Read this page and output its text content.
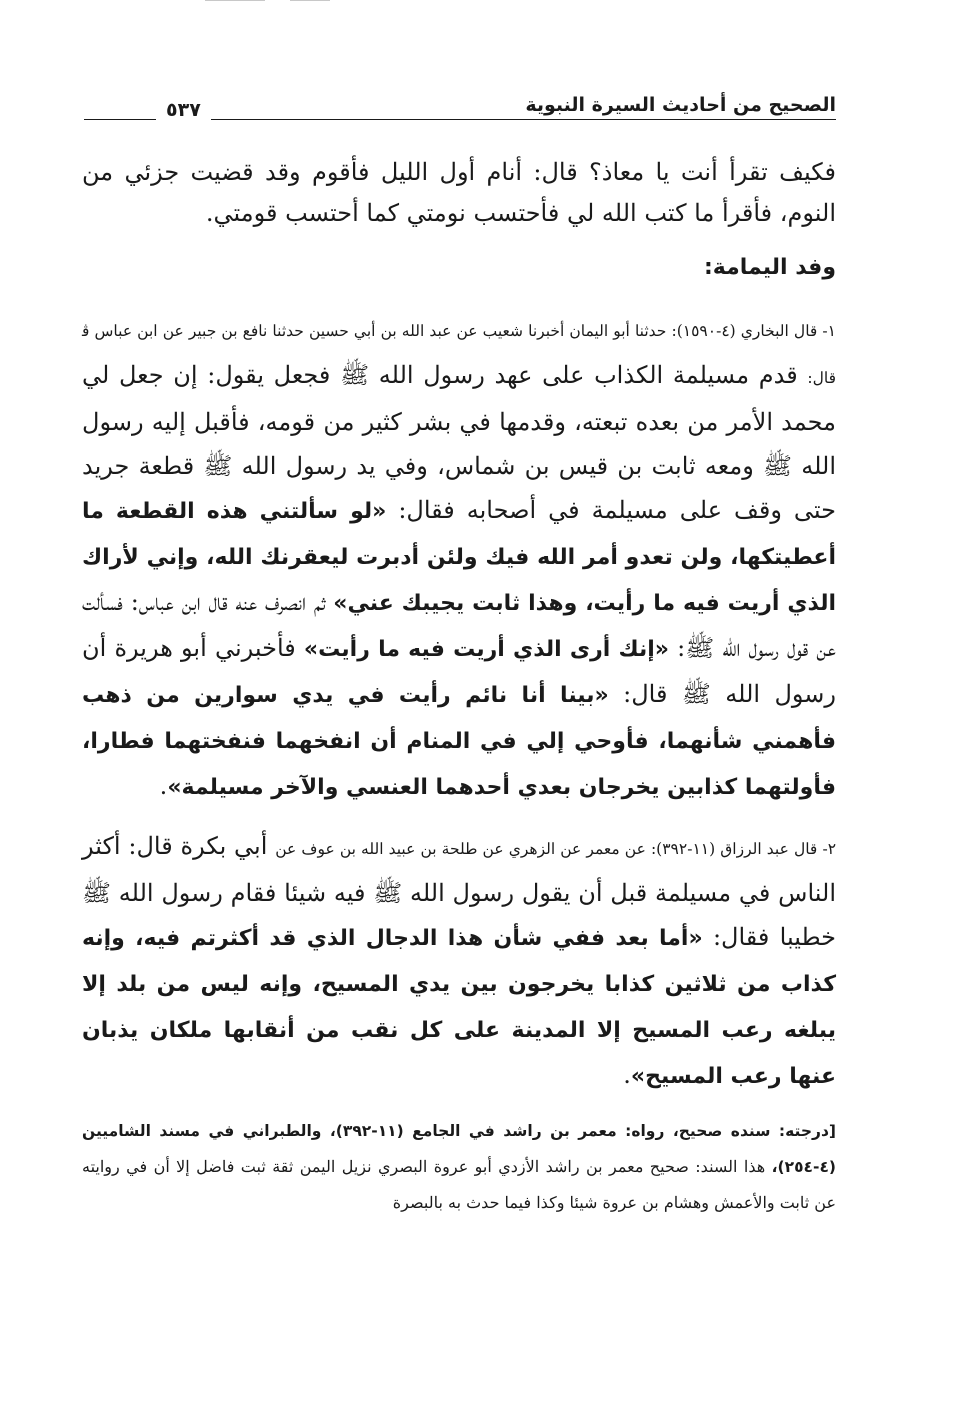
الصحيح من أحاديث السيرة النبوية
٥٣٧

فكيف تقرأ أنت يا معاذ؟ قال: أنام أول الليل فأقوم وقد قضيت جزئي من النوم، فأقرأ ما كتب الله لي فأحتسب نومتي كما أحتسب قومتي.

وفد اليمامة:

١- قال البخاري (٤-١٥٩٠): حدثنا أبو اليمان أخبرنا شعيب عن عبد الله بن أبي حسين حدثنا نافع بن جبير عن ابن عباس ﭬ قال: قدم مسيلمة الكذاب على عهد رسول الله ﷺ فجعل يقول: إن جعل لي محمد الأمر من بعده تبعته، وقدمها في بشر كثير من قومه، فأقبل إليه رسول الله ﷺ ومعه ثابت بن قيس بن شماس، وفي يد رسول الله ﷺ قطعة جريد حتى وقف على مسيلمة في أصحابه فقال: «لو سألتني هذه القطعة ما أعطيتكها، ولن تعدو أمر الله فيك ولئن أدبرت ليعقرنك الله، وإني لأراك الذي أريت فيه ما رأيت، وهذا ثابت يجيبك عني» ثم انصرف عنه قال ابن عباس: فسألت عن قول رسول الله ﷺ: «إنك أرى الذي أريت فيه ما رأيت» فأخبرني أبو هريرة أن رسول الله ﷺ قال: «بينا أنا نائم رأيت في يدي سوارين من ذهب فأهمني شأنهما، فأوحي إلي في المنام أن انفخهما فنفختهما فطارا، فأولتهما كذابين يخرجان بعدي أحدهما العنسي والآخر مسيلمة».

٢- قال عبد الرزاق (١١-٣٩٢): عن معمر عن الزهري عن طلحة بن عبيد الله بن عوف عن أبي بكرة قال: أكثر الناس في مسيلمة قبل أن يقول رسول الله ﷺ فيه شيئا فقام رسول الله ﷺ خطيبا فقال: «أما بعد ففي شأن هذا الدجال الذي قد أكثرتم فيه، وإنه كذاب من ثلاثين كذابا يخرجون بين يدي المسيح، وإنه ليس من بلد إلا يبلغه رعب المسيح إلا المدينة على كل نقب من أنقابها ملكان يذبان عنها رعب المسيح».

[درجته: سنده صحيح، رواه: معمر بن راشد في الجامع (١١-٣٩٢)، والطبراني في مسند الشاميين (٤-٢٥٤)، هذا السند: صحيح معمر بن راشد الأزدي أبو عروة البصري نزيل اليمن ثقة ثبت فاضل إلا أن في روايته عن ثابت والأعمش وهشام بن عروة شيئا وكذا فيما حدث به بالبصرة
